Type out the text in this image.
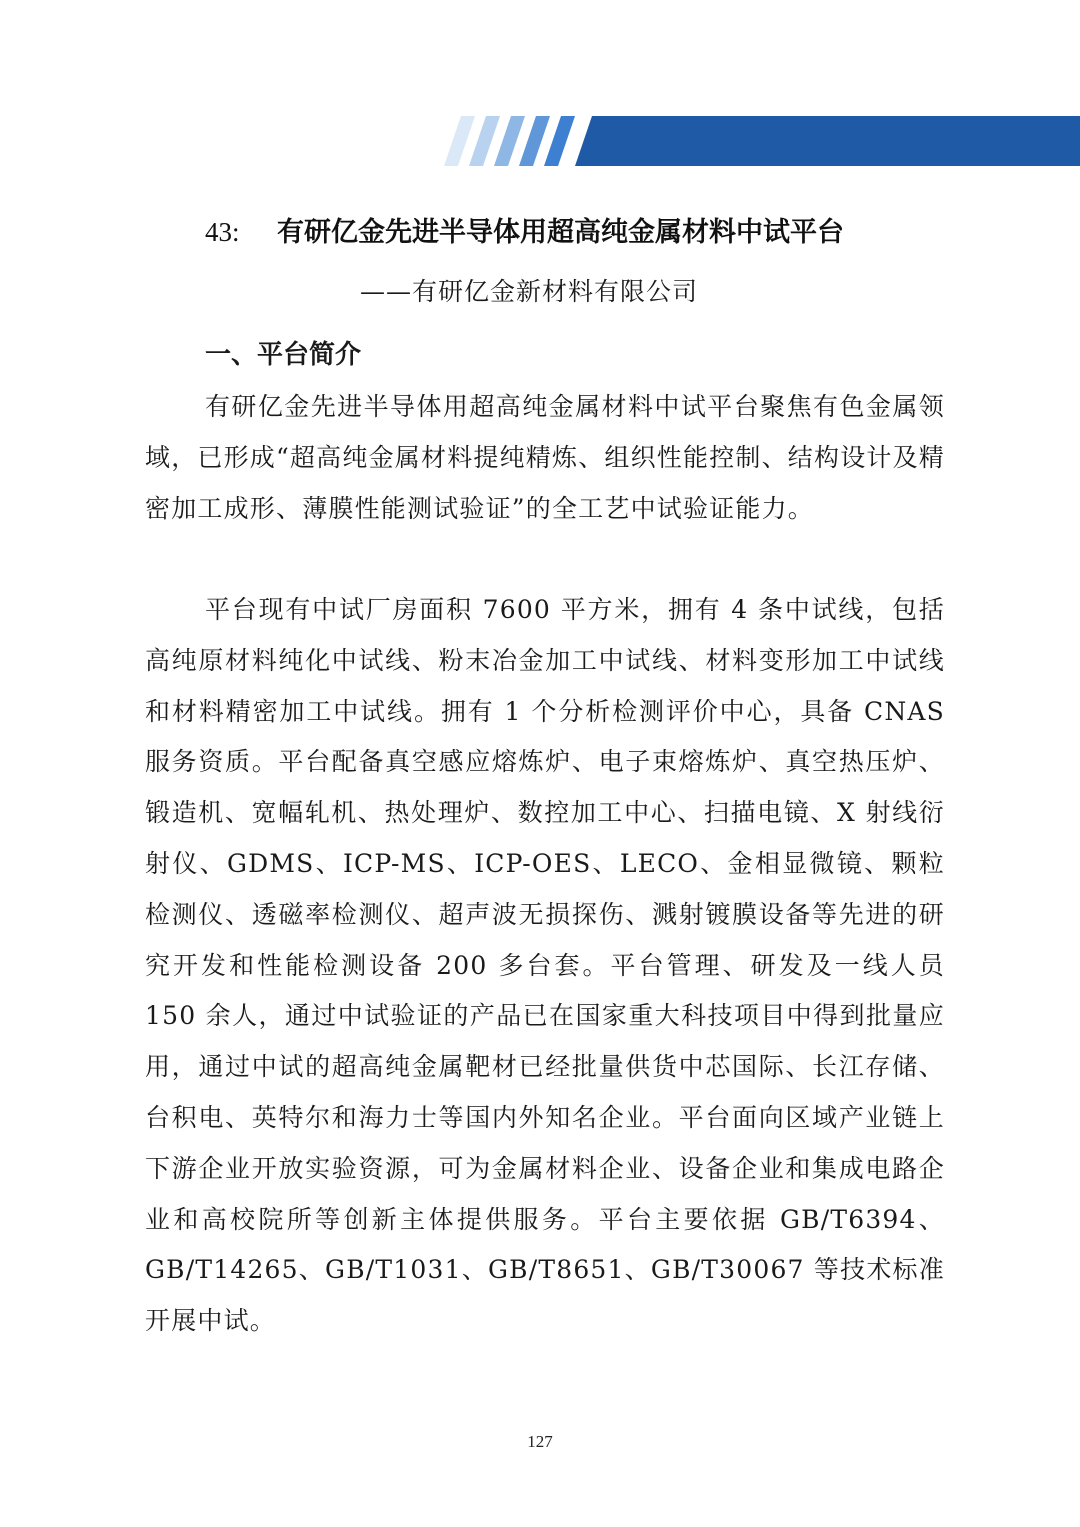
北京市制造业中试平台对外开放服务手册
43: 有研亿金先进半导体用超高纯金属材料中试平台
——有研亿金新材料有限公司
一、平台简介

有研亿金先进半导体用超高纯金属材料中试平台聚焦有色金属领域，已形成“超高纯金属材料提纯精炼、组织性能控制、结构设计及精密加工成形、薄膜性能测试验证”的全工艺中试验证能力。

平台现有中试厂房面积 7600 平方米，拥有 4 条中试线，包括高纯原材料纯化中试线、粉末冶金加工中试线、材料变形加工中试线和材料精密加工中试线。拥有 1 个分析检测评价中心，具备 CNAS 服务资质。平台配备真空感应熔炼炉、电子束熔炼炉、真空热压炉、锻造机、宽幅轧机、热处理炉、数控加工中心、扫描电镜、X 射线衍射仪、GDMS、ICP-MS、ICP-OES、LECO、金相显微镜、颗粒检测仪、透磁率检测仪、超声波无损探伤、溅射镀膜设备等先进的研究开发和性能检测设备 200 多台套。平台管理、研发及一线人员 150 余人，通过中试验证的产品已在国家重大科技项目中得到批量应用，通过中试的超高纯金属靶材已经批量供货中芯国际、长江存储、台积电、英特尔和海力士等国内外知名企业。平台面向区域产业链上下游企业开放实验资源，可为金属材料企业、设备企业和集成电路企业和高校院所等创新主体提供服务。平台主要依据 GB/T6394、GB/T14265、GB/T1031、GB/T8651、GB/T30067 等技术标准开展中试。

127
